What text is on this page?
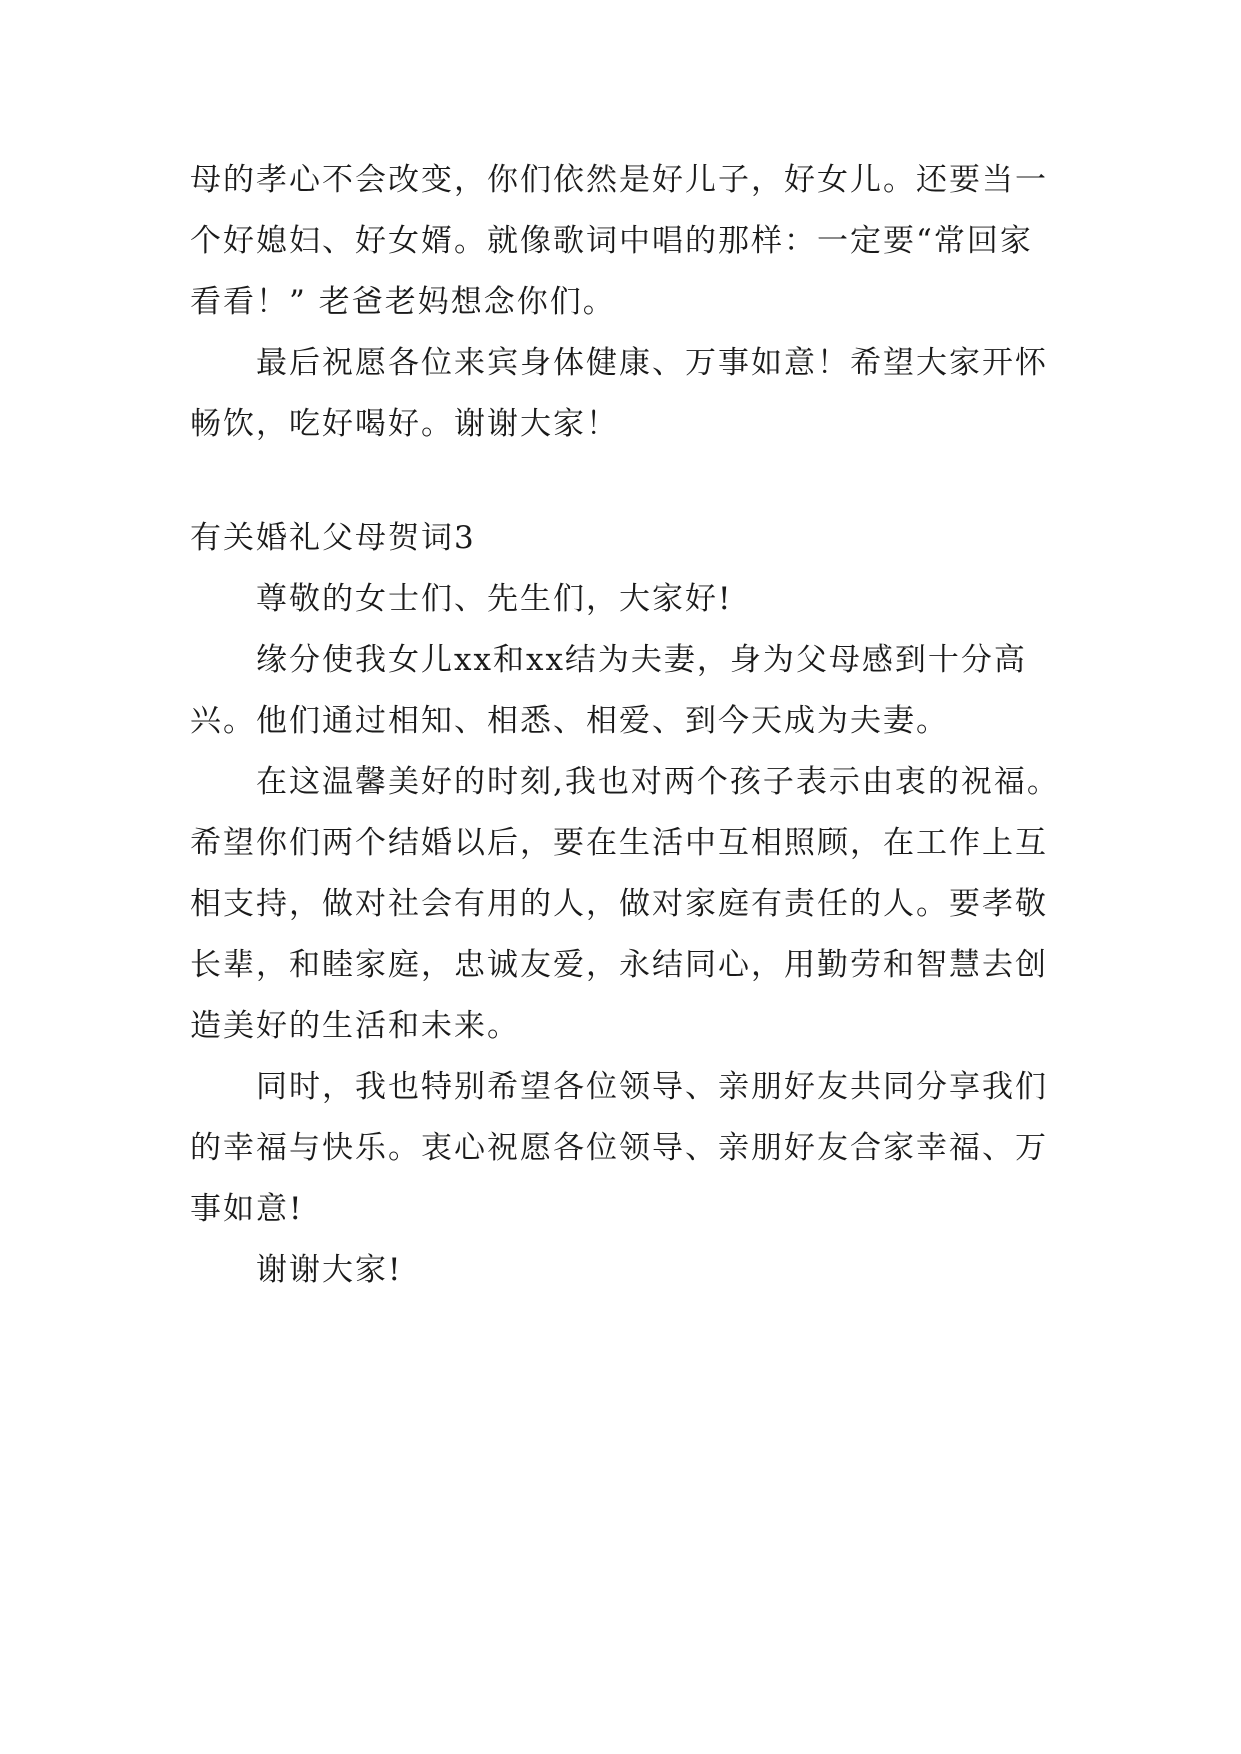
母的孝心不会改变，你们依然是好儿子，好女儿。还要当一
个好媳妇、好女婿。就像歌词中唱的那样：一定要“常回家
看看！” 老爸老妈想念你们。
最后祝愿各位来宾身体健康、万事如意！希望大家开怀
畅饮，吃好喝好。谢谢大家！
有关婚礼父母贺词3
尊敬的女士们、先生们，大家好!
缘分使我女儿xx和xx结为夫妻，身为父母感到十分高
兴。他们通过相知、相悉、相爱、到今天成为夫妻。
在这温馨美好的时刻,我也对两个孩子表示由衷的祝福。
希望你们两个结婚以后，要在生活中互相照顾，在工作上互
相支持，做对社会有用的人，做对家庭有责任的人。要孝敬
长辈，和睦家庭，忠诚友爱，永结同心，用勤劳和智慧去创
造美好的生活和未来。
同时，我也特别希望各位领导、亲朋好友共同分享我们
的幸福与快乐。衷心祝愿各位领导、亲朋好友合家幸福、万
事如意!
谢谢大家!
